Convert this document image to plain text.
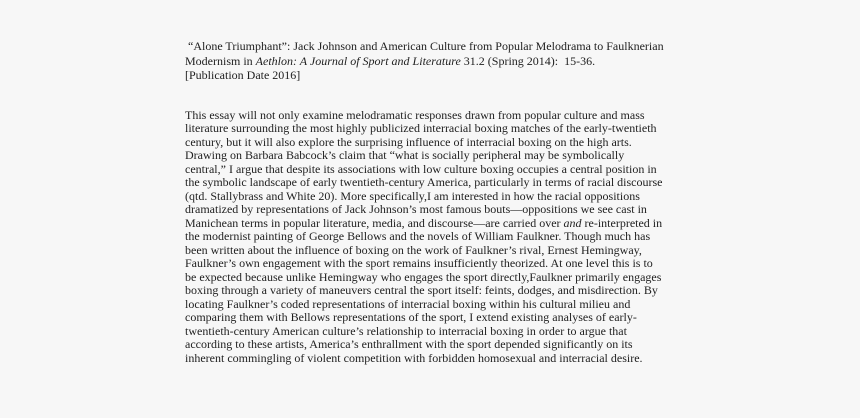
“Alone Triumphant”: Jack Johnson and American Culture from Popular Melodrama to Faulknerian Modernism in Aethlon: A Journal of Sport and Literature 31.2 (Spring 2014):  15-36.

[Publication Date 2016]

This essay will not only examine melodramatic responses drawn from popular culture and mass literature surrounding the most highly publicized interracial boxing matches of the early-twentieth century, but it will also explore the surprising influence of interracial boxing on the high arts. Drawing on Barbara Babcock’s claim that “what is socially peripheral may be symbolically central,” I argue that despite its associations with low culture boxing occupies a central position in the symbolic landscape of early twentieth-century America, particularly in terms of racial discourse (qtd. Stallybrass and White 20). More specifically,I am interested in how the racial oppositions dramatized by representations of Jack Johnson’s most famous bouts—oppositions we see cast in Manichean terms in popular literature, media, and discourse—are carried over and re-interpreted in the modernist painting of George Bellows and the novels of William Faulkner. Though much has been written about the influence of boxing on the work of Faulkner’s rival, Ernest Hemingway, Faulkner’s own engagement with the sport remains insufficiently theorized. At one level this is to be expected because unlike Hemingway who engages the sport directly,Faulkner primarily engages boxing through a variety of maneuvers central the sport itself: feints, dodges, and misdirection. By locating Faulkner’s coded representations of interracial boxing within his cultural milieu and comparing them with Bellows representations of the sport, I extend existing analyses of early-twentieth-century American culture’s relationship to interracial boxing in order to argue that according to these artists, America’s enthrallment with the sport depended significantly on its inherent commingling of violent competition with forbidden homosexual and interracial desire.
